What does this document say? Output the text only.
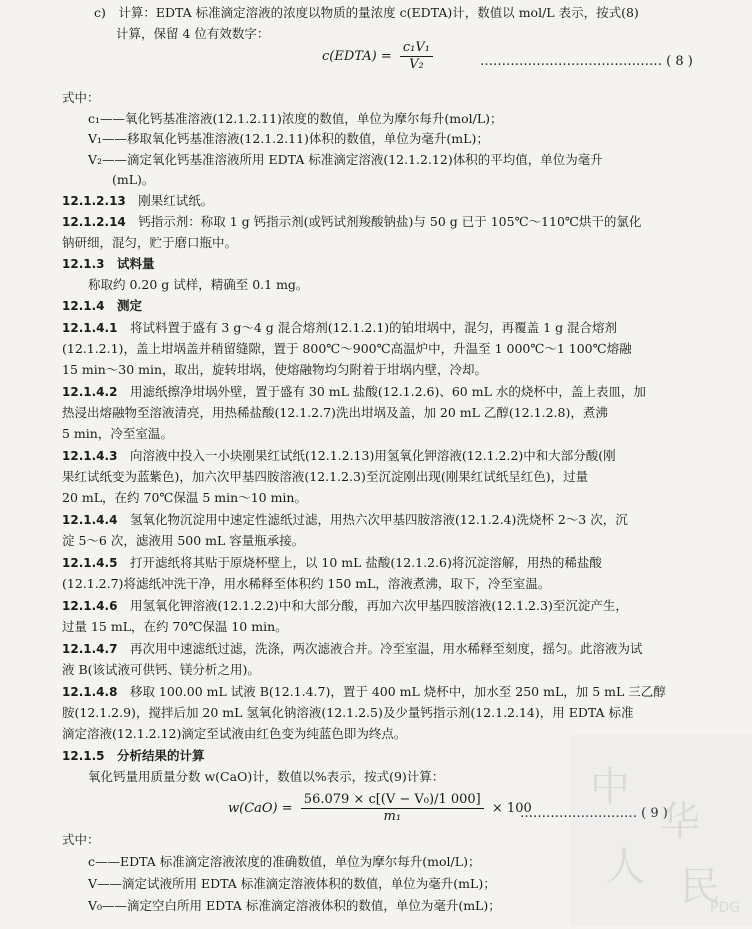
c)　计算：EDTA 标准滴定溶液的浓度以物质的量浓度 c(EDTA)计，数值以 mol/L 表示，按式(8)
计算，保留 4 位有效数字：
式中：
c₁——氧化钙基准溶液(12.1.2.11)浓度的数值，单位为摩尔每升(mol/L)；
V₁——移取氧化钙基准溶液(12.1.2.11)体积的数值，单位为毫升(mL)；
V₂——滴定氧化钙基准溶液所用 EDTA 标准滴定溶液(12.1.2.12)体积的平均值，单位为毫升
(mL)。
12.1.2.13　刚果红试纸。
12.1.2.14　钙指示剂：称取 1 g 钙指示剂(或钙试剂羧酸钠盐)与 50 g 已于 105℃～110℃烘干的氯化
钠研细，混匀，贮于磨口瓶中。
12.1.3　试料量
称取约 0.20 g 试样，精确至 0.1 mg。
12.1.4　测定
12.1.4.1　将试料置于盛有 3 g～4 g 混合熔剂(12.1.2.1)的铂坩埚中，混匀，再覆盖 1 g 混合熔剂
(12.1.2.1)，盖上坩埚盖并稍留缝隙，置于 800℃～900℃高温炉中，升温至 1 000℃～1 100℃熔融
15 min～30 min，取出，旋转坩埚，使熔融物均匀附着于坩埚内壁，冷却。
12.1.4.2　用滤纸擦净坩埚外壁，置于盛有 30 mL 盐酸(12.1.2.6)、60 mL 水的烧杯中，盖上表皿，加
热浸出熔融物至溶液清亮，用热稀盐酸(12.1.2.7)洗出坩埚及盖，加 20 mL 乙醇(12.1.2.8)，煮沸
5 min，冷至室温。
12.1.4.3　向溶液中投入一小块刚果红试纸(12.1.2.13)用氢氧化钾溶液(12.1.2.2)中和大部分酸(刚
果红试纸变为蓝紫色)，加六次甲基四胺溶液(12.1.2.3)至沉淀刚出现(刚果红试纸呈红色)，过量
20 mL，在约 70℃保温 5 min～10 min。
12.1.4.4　氢氧化物沉淀用中速定性滤纸过滤，用热六次甲基四胺溶液(12.1.2.4)洗烧杯 2～3 次，沉
淀 5～6 次，滤液用 500 mL 容量瓶承接。
12.1.4.5　打开滤纸将其贴于原烧杯壁上，以 10 mL 盐酸(12.1.2.6)将沉淀溶解，用热的稀盐酸
(12.1.2.7)将滤纸冲洗干净，用水稀释至体积约 150 mL，溶液煮沸，取下，冷至室温。
12.1.4.6　用氢氧化钾溶液(12.1.2.2)中和大部分酸，再加六次甲基四胺溶液(12.1.2.3)至沉淀产生，
过量 15 mL，在约 70℃保温 10 min。
12.1.4.7　再次用中速滤纸过滤，洗涤，两次滤液合并。冷至室温，用水稀释至刻度，摇匀。此溶液为试
液 B(该试液可供钙、镁分析之用)。
12.1.4.8　移取 100.00 mL 试液 B(12.1.4.7)，置于 400 mL 烧杯中，加水至 250 mL，加 5 mL 三乙醇
胺(12.1.2.9)，搅拌后加 20 mL 氢氧化钠溶液(12.1.2.5)及少量钙指示剂(12.1.2.14)，用 EDTA 标准
滴定溶液(12.1.2.12)滴定至试液由红色变为纯蓝色即为终点。
12.1.5　分析结果的计算
氧化钙量用质量分数 w(CaO)计，数值以%表示，按式(9)计算：
式中：
c——EDTA 标准滴定溶液浓度的准确数值，单位为摩尔每升(mol/L)；
V——滴定试液所用 EDTA 标准滴定溶液体积的数值，单位为毫升(mL)；
V₀——滴定空白所用 EDTA 标准滴定溶液体积的数值，单位为毫升(mL)；
c(EDTA) = $\frac{\text{c₁V₁}}{\text{V₂}}$	…………………………………… ( 8 )
$w(CaO) = \frac{\text{56.079 × c[(V − V₀)/1 000]}}{\text{m₁}} \times 100$
……………………… ( 9 )
中
华
人 民
PDG
